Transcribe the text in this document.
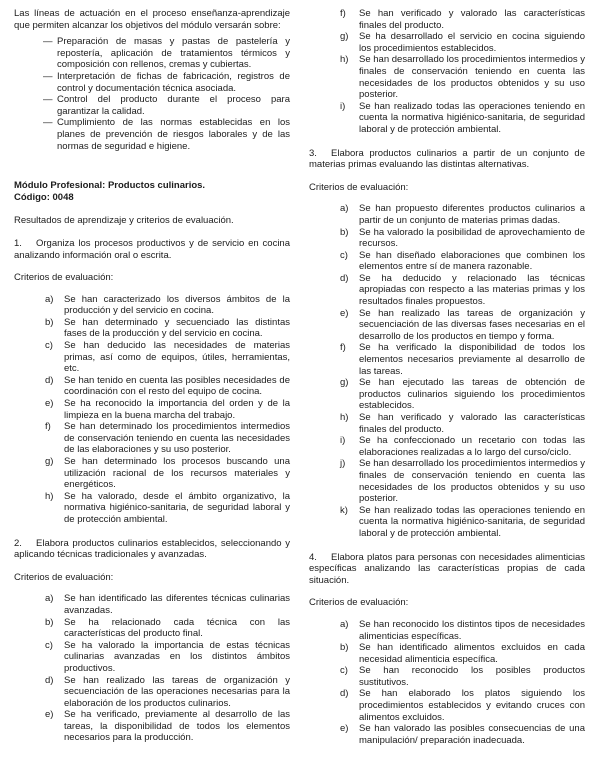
Las líneas de actuación en el proceso enseñanza-aprendizaje que permiten alcanzar los objetivos del módulo versarán sobre:

— Preparación de masas y pastas de pastelería y repostería, aplicación de tratamientos térmicos y composición con rellenos, cremas y cubiertas.
— Interpretación de fichas de fabricación, registros de control y documentación técnica asociada.
— Control del producto durante el proceso para garantizar la calidad.
— Cumplimiento de las normas establecidas en los planes de prevención de riesgos laborales y de las normas de seguridad e higiene.

Módulo Profesional: Productos culinarios.
Código: 0048

Resultados de aprendizaje y criterios de evaluación.

1. Organiza los procesos productivos y de servicio en cocina analizando información oral o escrita.

Criterios de evaluación:

a) Se han caracterizado los diversos ámbitos de la producción y del servicio en cocina.
b) Se han determinado y secuenciado las distintas fases de la producción y del servicio en cocina.
c) Se han deducido las necesidades de materias primas, así como de equipos, útiles, herramientas, etc.
d) Se han tenido en cuenta las posibles necesidades de coordinación con el resto del equipo de cocina.
e) Se ha reconocido la importancia del orden y de la limpieza en la buena marcha del trabajo.
f) Se han determinado los procedimientos intermedios de conservación teniendo en cuenta las necesidades de las elaboraciones y su uso posterior.
g) Se han determinado los procesos buscando una utilización racional de los recursos materiales y energéticos.
h) Se ha valorado, desde el ámbito organizativo, la normativa higiénico-sanitaria, de seguridad laboral y de protección ambiental.

2. Elabora productos culinarios establecidos, seleccionando y aplicando técnicas tradicionales y avanzadas.

Criterios de evaluación:

a) Se han identificado las diferentes técnicas culinarias avanzadas.
b) Se ha relacionado cada técnica con las características del producto final.
c) Se ha valorado la importancia de estas técnicas culinarias avanzadas en los distintos ámbitos productivos.
d) Se han realizado las tareas de organización y secuenciación de las operaciones necesarias para la elaboración de los productos culinarios.
e) Se ha verificado, previamente al desarrollo de las tareas, la disponibilidad de todos los elementos necesarios para la producción.
f) Se han verificado y valorado las características finales del producto.
g) Se ha desarrollado el servicio en cocina siguiendo los procedimientos establecidos.
h) Se han desarrollado los procedimientos intermedios y finales de conservación teniendo en cuenta las necesidades de los productos obtenidos y su uso posterior.
i) Se han realizado todas las operaciones teniendo en cuenta la normativa higiénico-sanitaria, de seguridad laboral y de protección ambiental.

3. Elabora productos culinarios a partir de un conjunto de materias primas evaluando las distintas alternativas.

Criterios de evaluación:

a) Se han propuesto diferentes productos culinarios a partir de un conjunto de materias primas dadas.
b) Se ha valorado la posibilidad de aprovechamiento de recursos.
c) Se han diseñado elaboraciones que combinen los elementos entre sí de manera razonable.
d) Se ha deducido y relacionado las técnicas apropiadas con respecto a las materias primas y los resultados finales propuestos.
e) Se han realizado las tareas de organización y secuenciación de las diversas fases necesarias en el desarrollo de los productos en tiempo y forma.
f) Se ha verificado la disponibilidad de todos los elementos necesarios previamente al desarrollo de las tareas.
g) Se han ejecutado las tareas de obtención de productos culinarios siguiendo los procedimientos establecidos.
h) Se han verificado y valorado las características finales del producto.
i) Se ha confeccionado un recetario con todas las elaboraciones realizadas a lo largo del curso/ciclo.
j) Se han desarrollado los procedimientos intermedios y finales de conservación teniendo en cuenta las necesidades de los productos obtenidos y su uso posterior.
k) Se han realizado todas las operaciones teniendo en cuenta la normativa higiénico-sanitaria, de seguridad laboral y de protección ambiental.

4. Elabora platos para personas con necesidades alimenticias específicas analizando las características propias de cada situación.

Criterios de evaluación:

a) Se han reconocido los distintos tipos de necesidades alimenticias específicas.
b) Se han identificado alimentos excluidos en cada necesidad alimenticia específica.
c) Se han reconocido los posibles productos sustitutivos.
d) Se han elaborado los platos siguiendo los procedimientos establecidos y evitando cruces con alimentos excluidos.
e) Se han valorado las posibles consecuencias de una manipulación/ preparación inadecuada.
